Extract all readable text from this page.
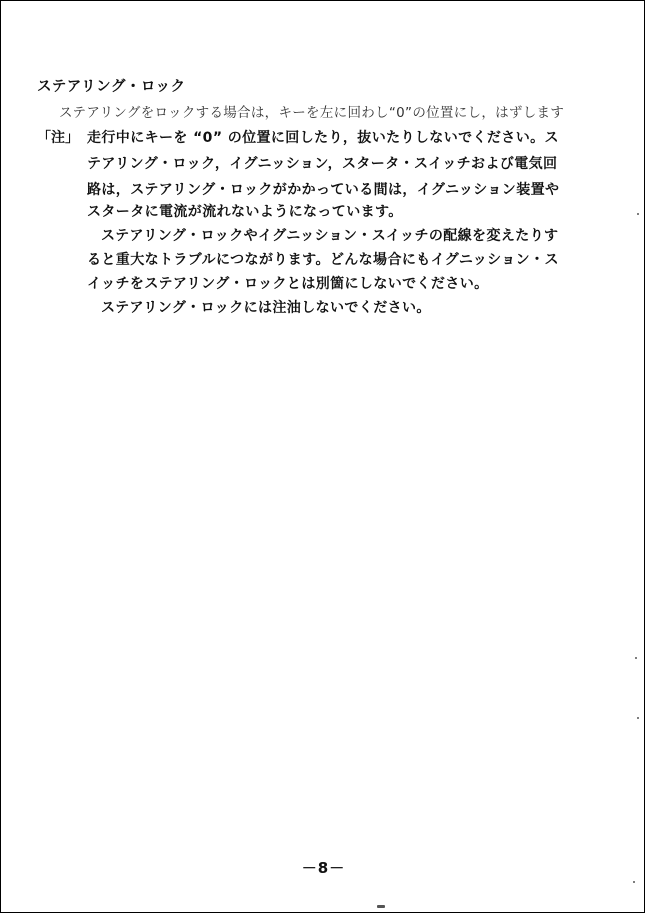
ステアリング・ロック
ステアリングをロックする場合は，キーを左に回わし“0”の位置にし，はずします
「注」 走行中にキーを “0” の位置に回したり，抜いたりしないでください。ス
テアリング・ロック，イグニッション，スタータ・スイッチおよび電気回
路は，ステアリング・ロックがかかっている間は，イグニッション装置や
スタータに電流が流れないようになっています。
ステアリング・ロックやイグニッション・スイッチの配線を変えたりす
ると重大なトラブルにつながります。どんな場合にもイグニッション・ス
イッチをステアリング・ロックとは別箇にしないでください。
ステアリング・ロックには注油しないでください。
－8－
